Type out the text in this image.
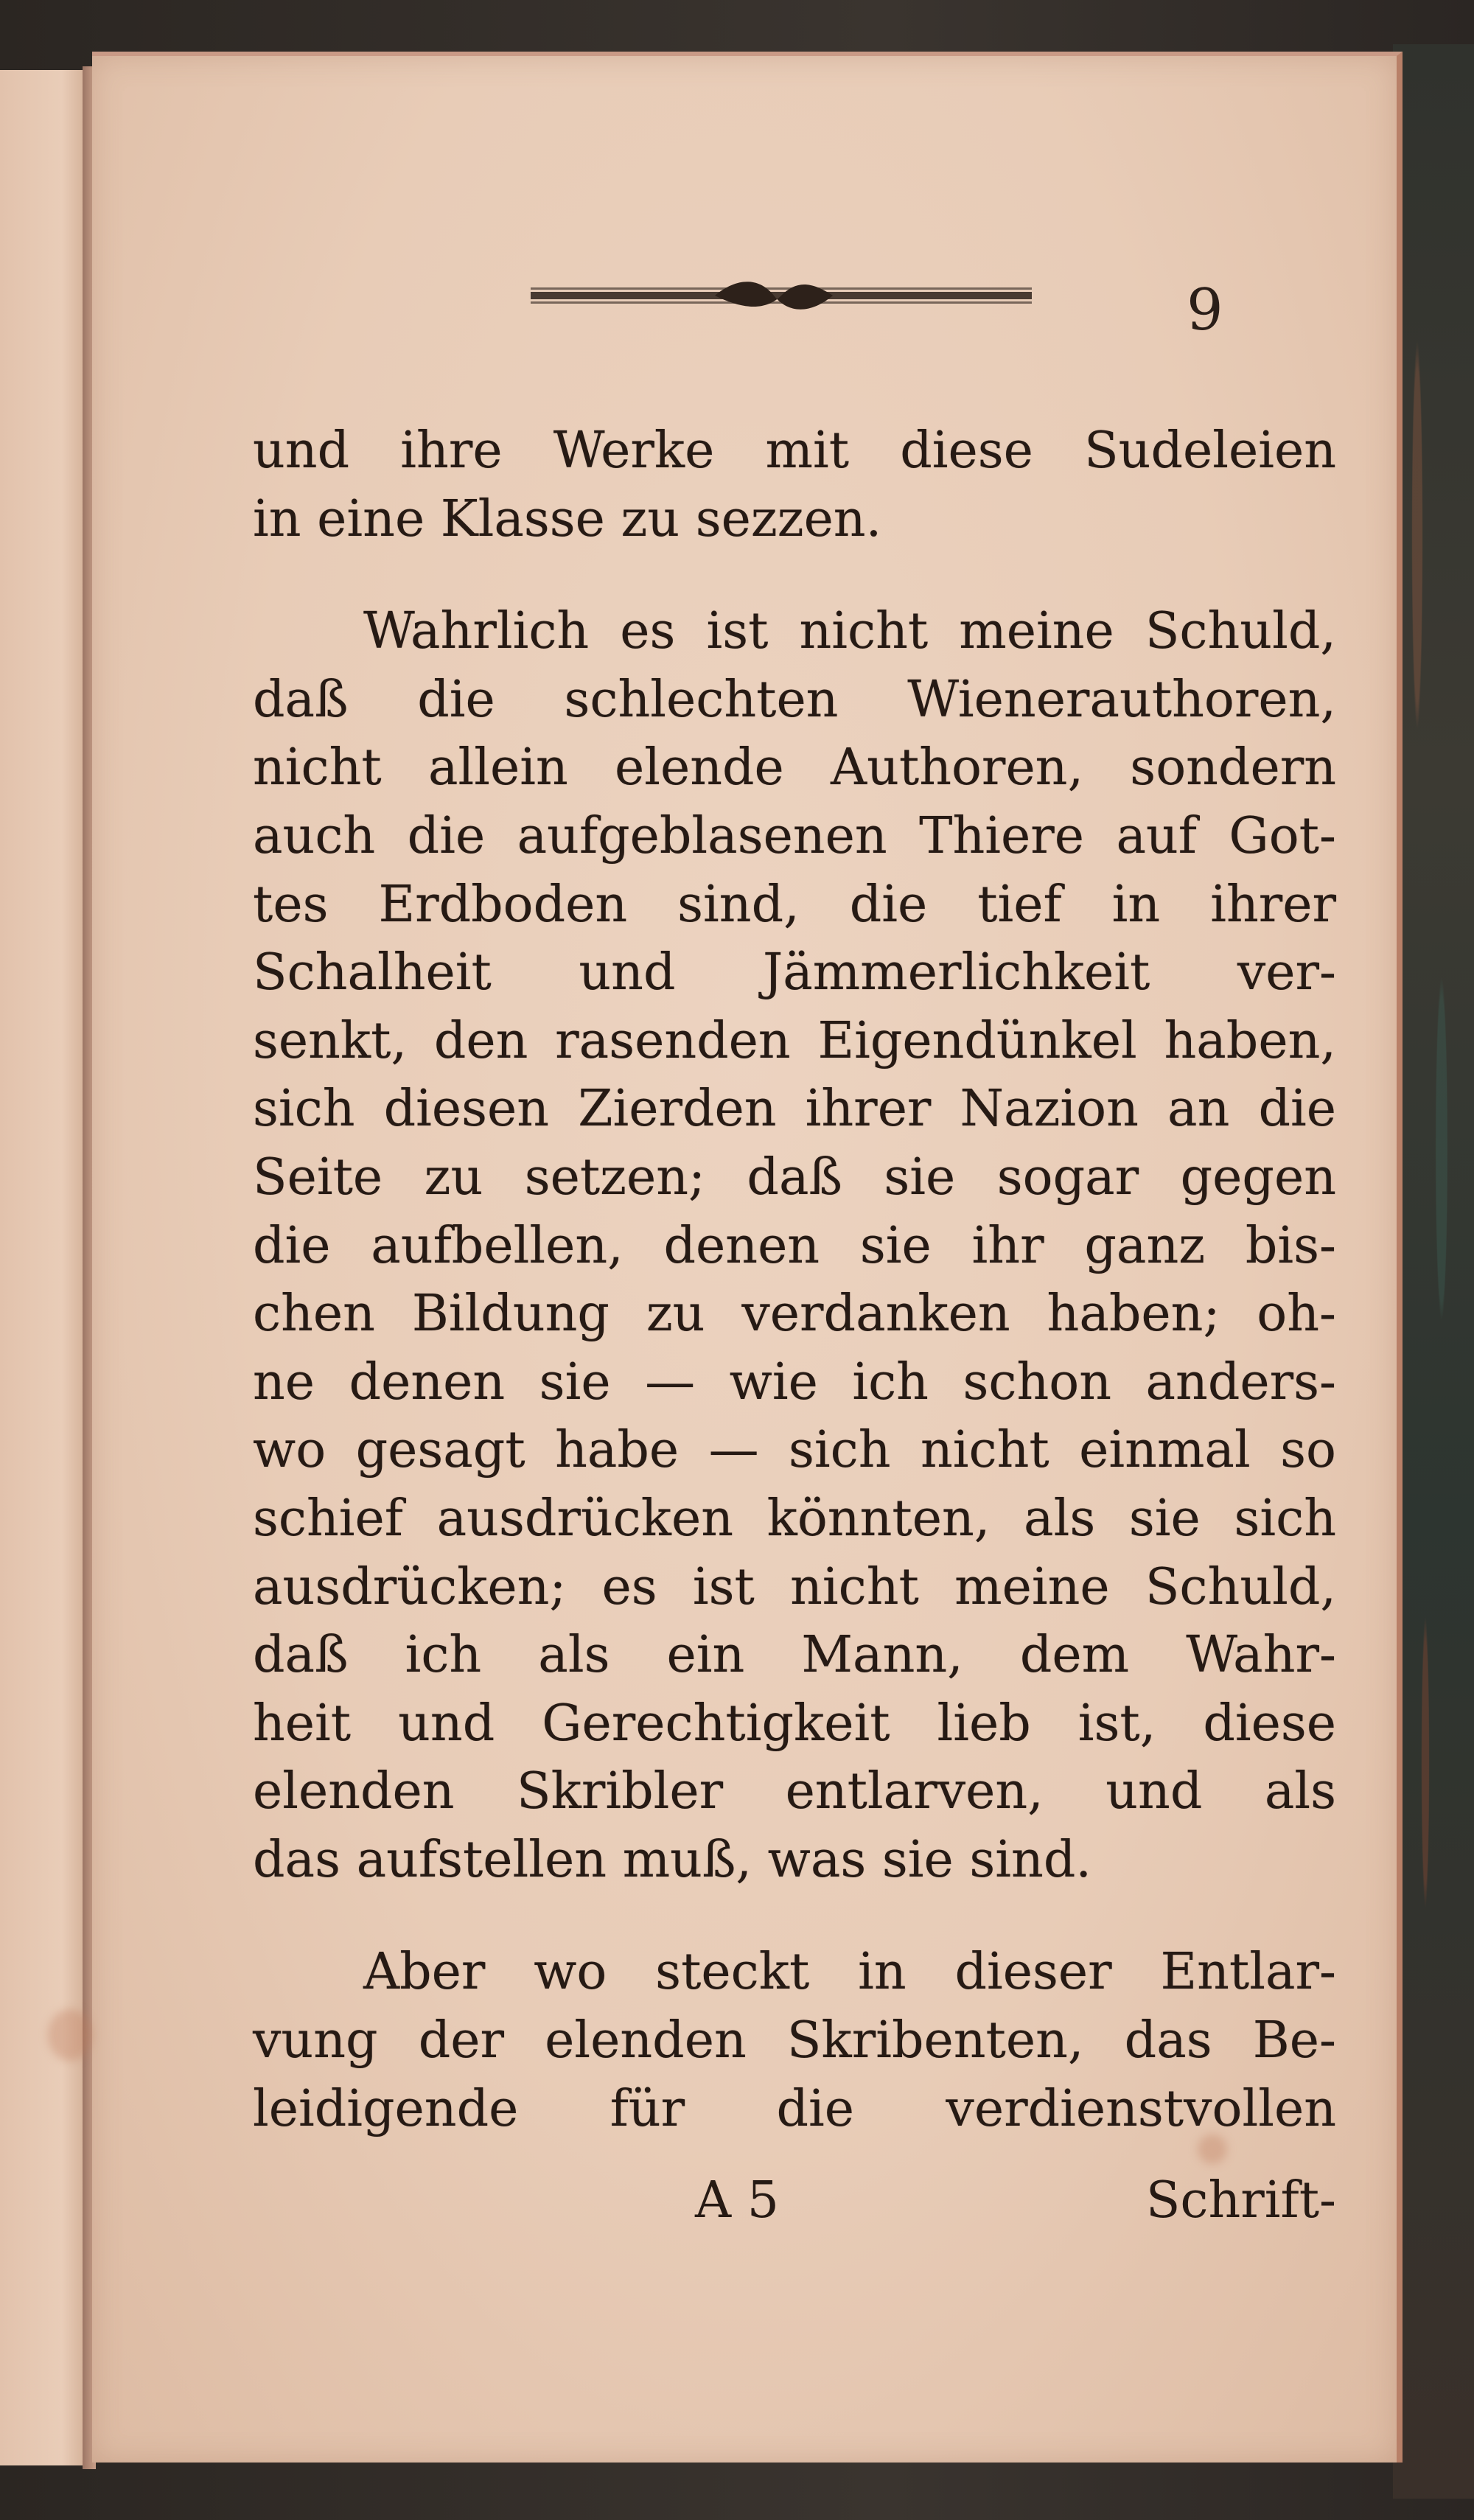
9
und ihre Werke mit diese Sudeleien
in eine Klasse zu sezzen.
Wahrlich es ist nicht meine Schuld,
daß die schlechten Wienerauthoren,
nicht allein elende Authoren, sondern
auch die aufgeblasenen Thiere auf Got-
tes Erdboden sind, die tief in ihrer
Schalheit und Jämmerlichkeit ver-
senkt, den rasenden Eigendünkel haben,
sich diesen Zierden ihrer Nazion an die
Seite zu setzen; daß sie sogar gegen
die aufbellen, denen sie ihr ganz bis-
chen Bildung zu verdanken haben; oh-
ne denen sie — wie ich schon anders-
wo gesagt habe — sich nicht einmal so
schief ausdrücken könnten, als sie sich
ausdrücken; es ist nicht meine Schuld,
daß ich als ein Mann, dem Wahr-
heit und Gerechtigkeit lieb ist, diese
elenden Skribler entlarven, und als
das aufstellen muß, was sie sind.
Aber wo steckt in dieser Entlar-
vung der elenden Skribenten, das Be-
leidigende für die verdienstvollen
A 5	Schrift-
